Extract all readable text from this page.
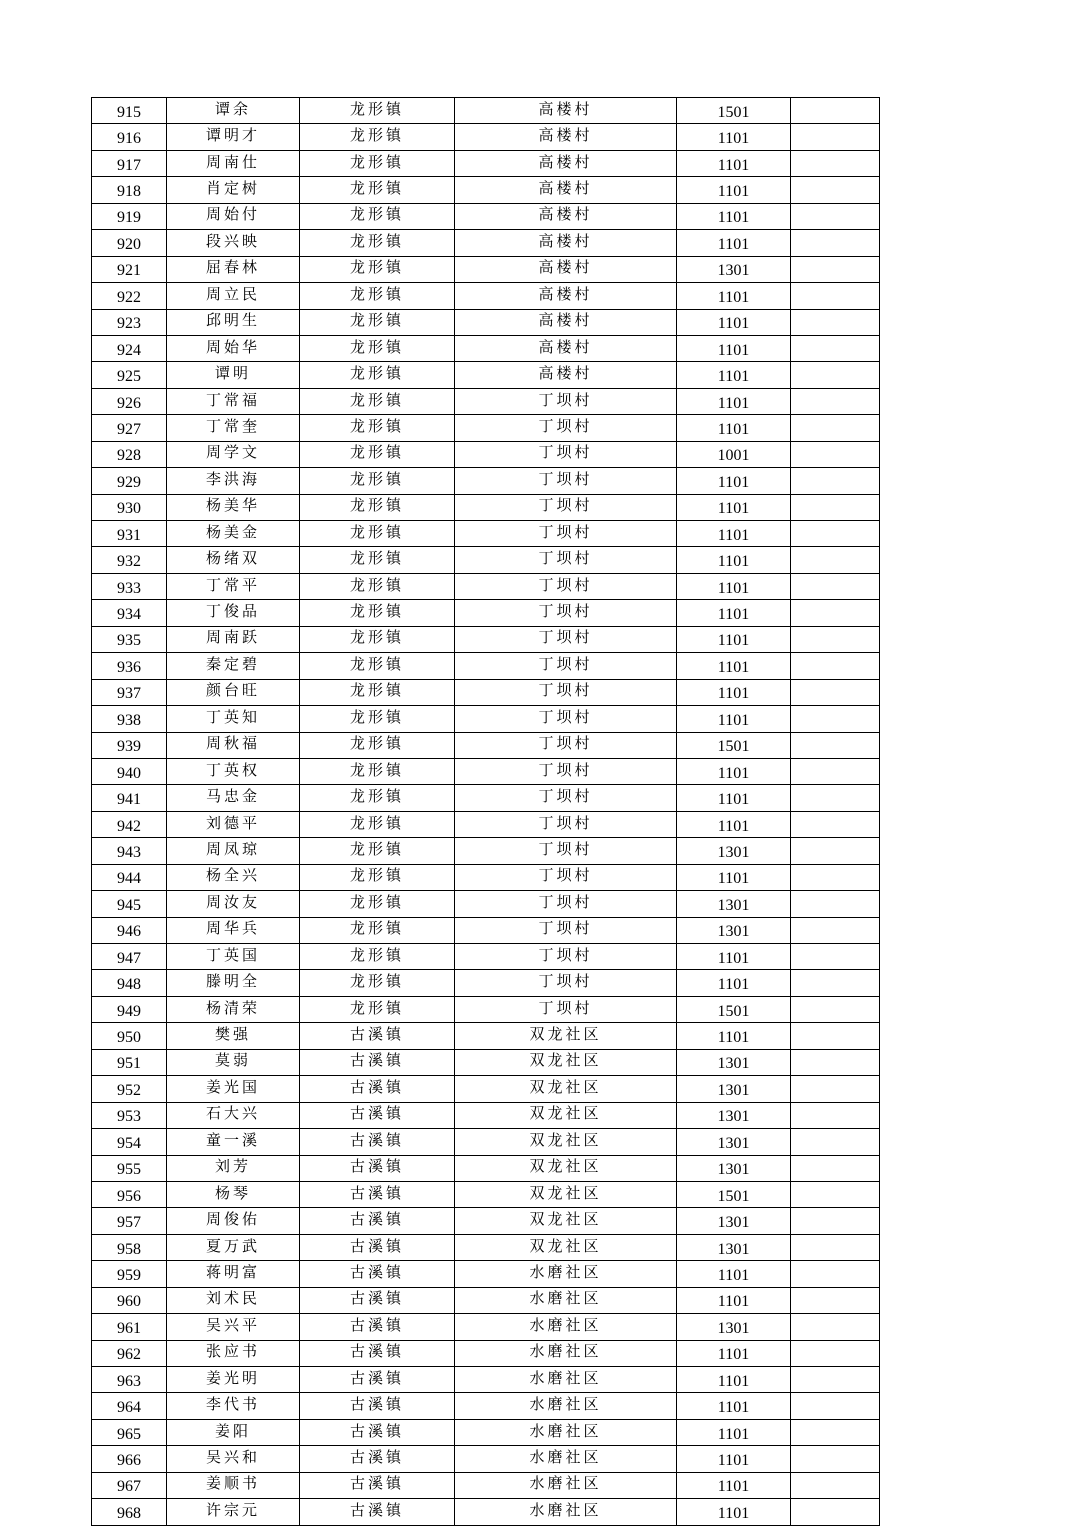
915	谭余	龙形镇	高楼村	1501	
916	谭明才	龙形镇	高楼村	1101	
917	周南仕	龙形镇	高楼村	1101	
918	肖定树	龙形镇	高楼村	1101	
919	周始付	龙形镇	高楼村	1101	
920	段兴映	龙形镇	高楼村	1101	
921	屈春林	龙形镇	高楼村	1301	
922	周立民	龙形镇	高楼村	1101	
923	邱明生	龙形镇	高楼村	1101	
924	周始华	龙形镇	高楼村	1101	
925	谭明	龙形镇	高楼村	1101	
926	丁常福	龙形镇	丁坝村	1101	
927	丁常奎	龙形镇	丁坝村	1101	
928	周学文	龙形镇	丁坝村	1001	
929	李洪海	龙形镇	丁坝村	1101	
930	杨美华	龙形镇	丁坝村	1101	
931	杨美金	龙形镇	丁坝村	1101	
932	杨绪双	龙形镇	丁坝村	1101	
933	丁常平	龙形镇	丁坝村	1101	
934	丁俊品	龙形镇	丁坝村	1101	
935	周南跃	龙形镇	丁坝村	1101	
936	秦定碧	龙形镇	丁坝村	1101	
937	颜台旺	龙形镇	丁坝村	1101	
938	丁英知	龙形镇	丁坝村	1101	
939	周秋福	龙形镇	丁坝村	1501	
940	丁英权	龙形镇	丁坝村	1101	
941	马忠金	龙形镇	丁坝村	1101	
942	刘德平	龙形镇	丁坝村	1101	
943	周凤琼	龙形镇	丁坝村	1301	
944	杨全兴	龙形镇	丁坝村	1101	
945	周汝友	龙形镇	丁坝村	1301	
946	周华兵	龙形镇	丁坝村	1301	
947	丁英国	龙形镇	丁坝村	1101	
948	滕明全	龙形镇	丁坝村	1101	
949	杨清荣	龙形镇	丁坝村	1501	
950	樊强	古溪镇	双龙社区	1101	
951	莫弱	古溪镇	双龙社区	1301	
952	姜光国	古溪镇	双龙社区	1301	
953	石大兴	古溪镇	双龙社区	1301	
954	童一溪	古溪镇	双龙社区	1301	
955	刘芳	古溪镇	双龙社区	1301	
956	杨琴	古溪镇	双龙社区	1501	
957	周俊佑	古溪镇	双龙社区	1301	
958	夏万武	古溪镇	双龙社区	1301	
959	蒋明富	古溪镇	水磨社区	1101	
960	刘术民	古溪镇	水磨社区	1101	
961	吴兴平	古溪镇	水磨社区	1301	
962	张应书	古溪镇	水磨社区	1101	
963	姜光明	古溪镇	水磨社区	1101	
964	李代书	古溪镇	水磨社区	1101	
965	姜阳	古溪镇	水磨社区	1101	
966	吴兴和	古溪镇	水磨社区	1101	
967	姜顺书	古溪镇	水磨社区	1101	
968	许宗元	古溪镇	水磨社区	1101	
